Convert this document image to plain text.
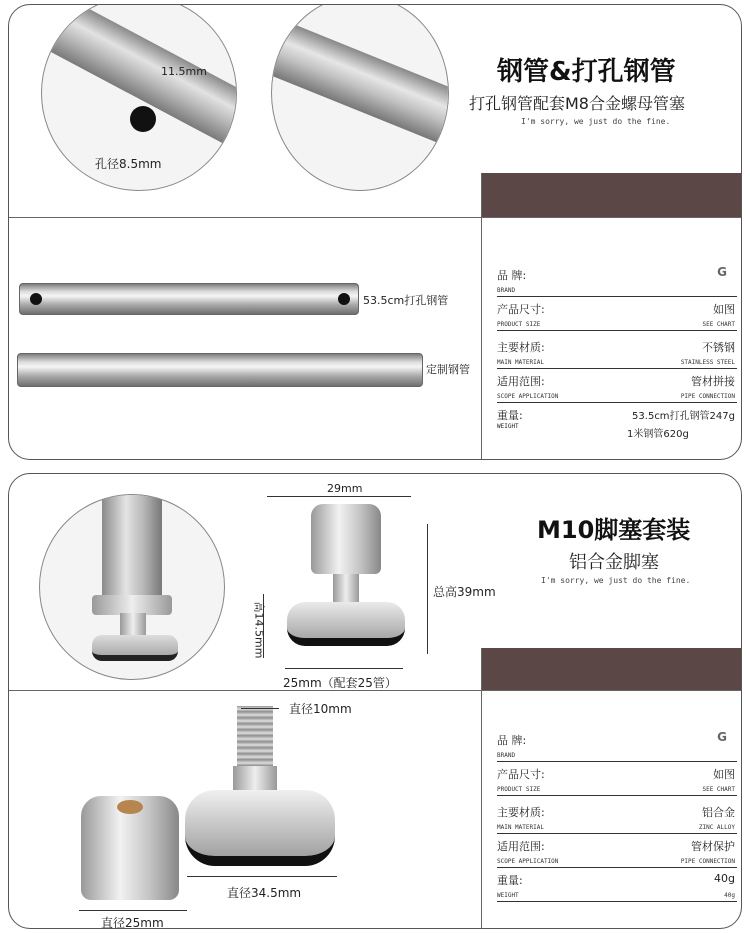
11.5mm
孔径8.5mm
钢管&打孔钢管
打孔钢管配套M8合金螺母管塞
I'm sorry, we just do the fine.
53.5cm打孔钢管
定制钢管
G
品 牌:
BRAND
产品尺寸:	如图
PRODUCT SIZE	SEE CHART
主要材质:	不锈钢
MAIN MATERIAL	STAINLESS STEEL
适用范围:	管材拼接
SCOPE APPLICATION	PIPE CONNECTION
重量:
WEIGHT
53.5cm打孔钢管247g
1米钢管620g
29mm
总高39mm
高14.5mm
25mm（配套25管）
M10脚塞套装
铝合金脚塞
I'm sorry, we just do the fine.
直径10mm
直径34.5mm
直径25mm
G
品 牌:
BRAND
产品尺寸:	如图
PRODUCT SIZE	SEE CHART
主要材质:	铝合金
MAIN MATERIAL	ZINC ALLOY
适用范围:	管材保护
SCOPE APPLICATION	PIPE CONNECTION
重量:	40g
WEIGHT	40g
